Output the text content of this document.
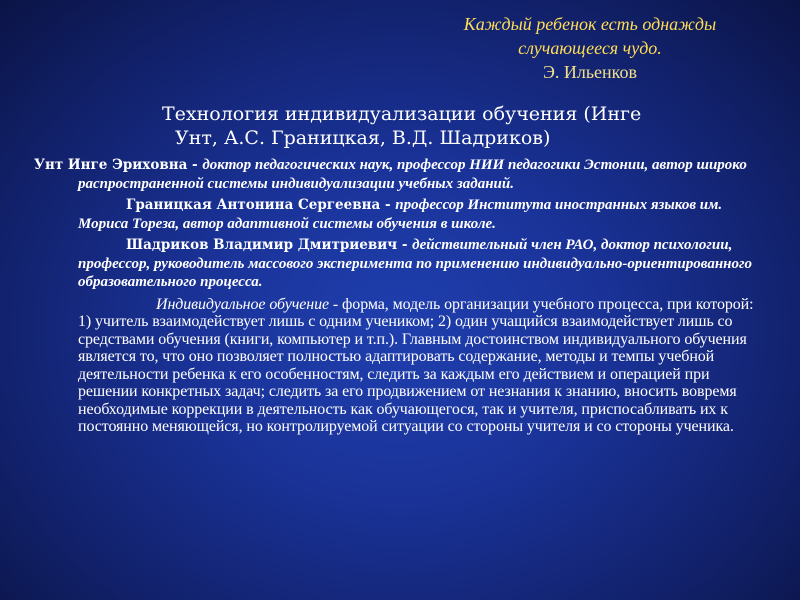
Каждый ребенок есть однажды
случающееся чудо.
Э. Ильенков
Технология индивидуализации обучения (Инге
Унт, А.С. Границкая, В.Д. Шадриков)

Унт Инге Эриховна - доктор педагогических наук, профессор НИИ педагогики Эстонии, автор широко распространенной системы индивидуализации учебных заданий.

Границкая Антонина Сергеевна - профессор Института иностранных языков им. Мориса Тореза, автор адаптивной системы обучения в школе.

Шадриков Владимир Дмитриевич - действительный член РАО, доктор психологии, профессор, руководитель массового эксперимента по применению индивидуально-ориентированного образовательного процесса.

Индивидуальное обучение - форма, модель организации учебного процесса, при которой: 1) учитель взаимодействует лишь с одним учеником; 2) один учащийся взаимодействует лишь со средствами обучения (книги, компьютер и т.п.). Главным достоинством индивидуального обучения является то, что оно позволяет полностью адаптировать содержание, методы и темпы учебной деятельности ребенка к его особенностям, следить за каждым его действием и операцией при решении конкретных задач; следить за его продвижением от незнания к знанию, вносить вовремя необходимые коррекции в деятельность как обучающегося, так и учителя, приспосабливать их к постоянно меняющейся, но контролируемой ситуации со стороны учителя и со стороны ученика.
